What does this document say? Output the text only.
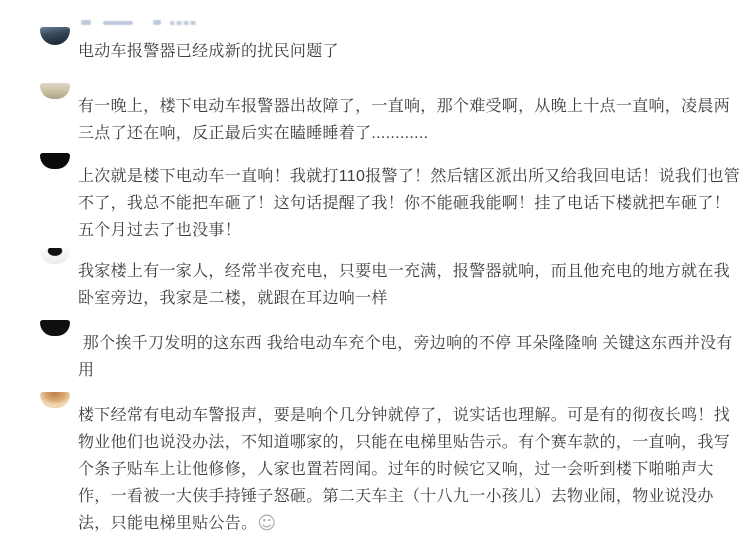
电动车报警器已经成新的扰民问题了

有一晚上，楼下电动车报警器出故障了，一直响，那个难受啊，从晚上十点一直响，凌晨两三点了还在响，反正最后实在瞌睡睡着了............

上次就是楼下电动车一直响！我就打110报警了！然后辖区派出所又给我回电话！说我们也管不了，我总不能把车砸了！这句话提醒了我！你不能砸我能啊！挂了电话下楼就把车砸了！五个月过去了也没事！

我家楼上有一家人，经常半夜充电，只要电一充满，报警器就响，而且他充电的地方就在我卧室旁边，我家是二楼，就跟在耳边响一样

那个挨千刀发明的这东西 我给电动车充个电，旁边响的不停 耳朵隆隆响 关键这东西并没有用

楼下经常有电动车警报声，要是响个几分钟就停了，说实话也理解。可是有的彻夜长鸣！找物业他们也说没办法，不知道哪家的，只能在电梯里贴告示。有个赛车款的，一直响，我写个条子贴车上让他修修，人家也置若罔闻。过年的时候它又响，过一会听到楼下啪啪声大作，一看被一大侠手持锤子怒砸。第二天车主（十八九一小孩儿）去物业闹，物业说没办法，只能电梯里贴公告。☺
